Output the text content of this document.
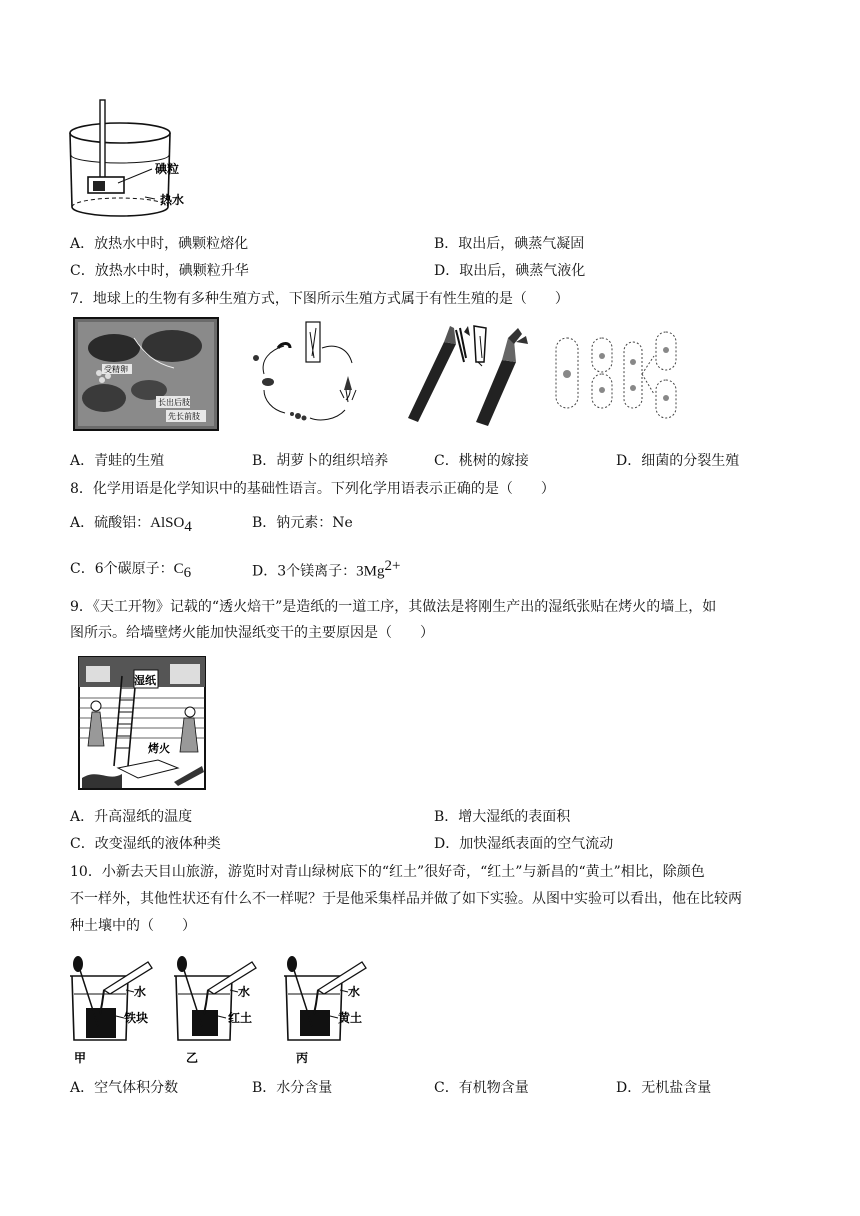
碘粒
热水
A．放热水中时，碘颗粒熔化	B．取出后，碘蒸气凝固
C．放热水中时，碘颗粒升华	D．取出后，碘蒸气液化
7．地球上的生物有多种生殖方式，下图所示生殖方式属于有性生殖的是（　　）
受精卵
长出后肢
先长前肢
A．青蛙的生殖	B．胡萝卜的组织培养	C．桃树的嫁接	D．细菌的分裂生殖
8．化学用语是化学知识中的基础性语言。下列化学用语表示正确的是（　　）
A．硫酸铝：AlSO$_4$	B．钠元素：Ne
C．6个碳原子：$C_6$	D．3个镁离子：$3Mg^{2+}$
9．《天工开物》记载的“透火焙干”是造纸的一道工序，其做法是将刚生产出的湿纸张贴在烤火的墙上，如
图所示。给墙壁烤火能加快湿纸变干的主要原因是（　　）
湿纸
烤火
A．升高湿纸的温度	B．增大湿纸的表面积
C．改变湿纸的液体种类	D．加快湿纸表面的空气流动
10．小新去天目山旅游，游览时对青山绿树底下的“红土”很好奇，“红土”与新昌的“黄土”相比，除颜色
不一样外，其他性状还有什么不一样呢？于是他采集样品并做了如下实验。从图中实验可以看出，他在比较两
种土壤中的（　　）
水
铁块
甲
水
红土
乙
水
黄土
丙
A．空气体积分数	B．水分含量	C．有机物含量	D．无机盐含量
